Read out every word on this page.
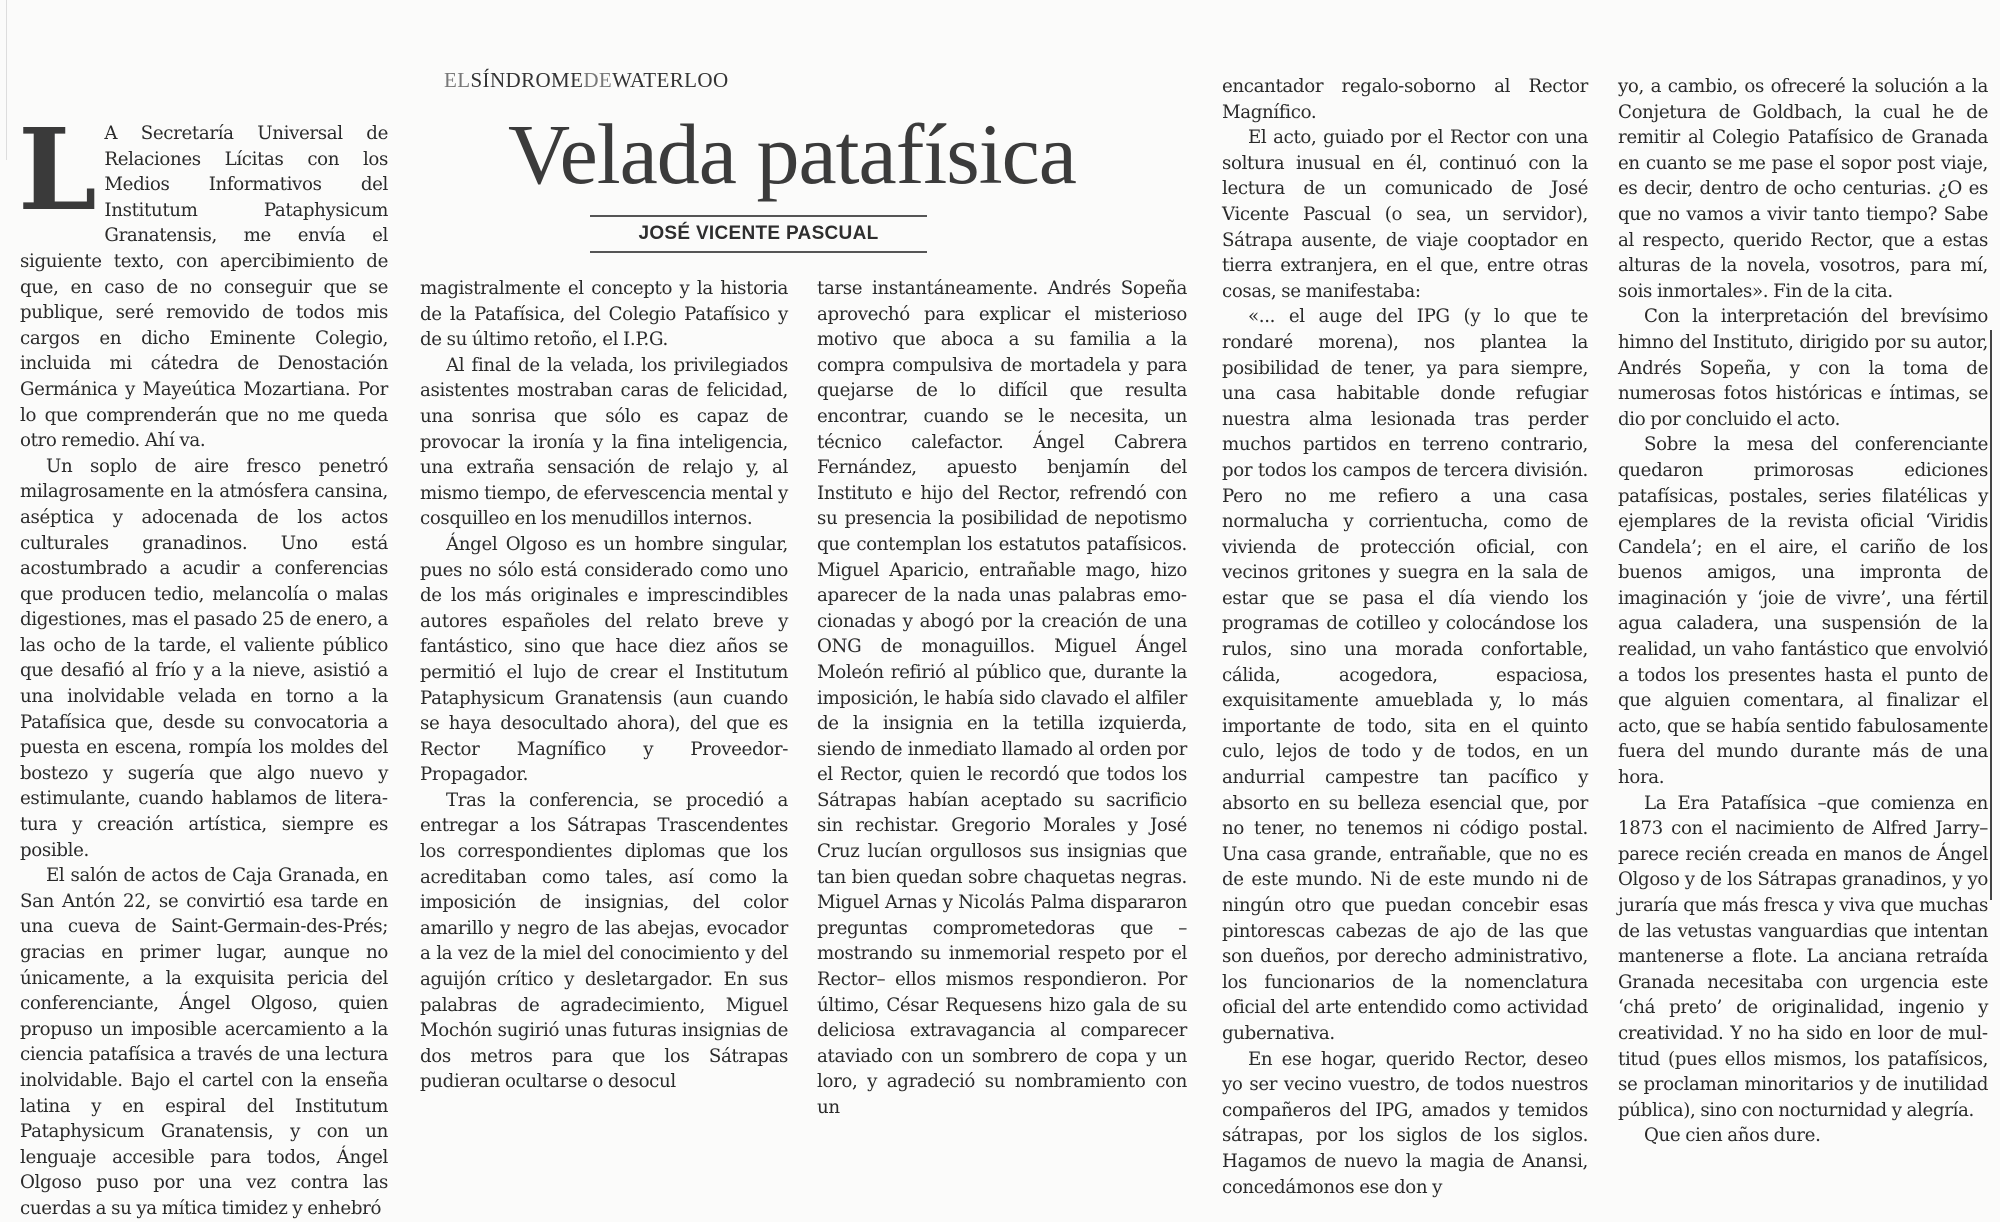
ELSÍNDROMEDEWATERLOO
Velada patafísica
JOSÉ VICENTE PASCUAL
L A Secretaría Universal de Relaciones Lícitas con los Medios Informativos del Institutum Pataphysicum Granatensis, me envía el siguiente texto, con apercibimiento de que, en caso de no conseguir que se publique, seré removido de todos mis cargos en dicho Eminente Colegio, incluida mi cátedra de Denostación Germánica y Mayeútica Mozartiana. Por lo que comprenderán que no me queda otro remedio. Ahí va.

Un soplo de aire fresco penetró milagrosamente en la atmósfera cansina, aséptica y adocenada de los actos culturales granadinos. Uno está acostumbrado a acudir a conferencias que producen tedio, melancolía o malas digestiones, mas el pasado 25 de enero, a las ocho de la tarde, el valiente público que desafió al frío y a la nieve, asistió a una inolvidable velada en torno a la Patafísica que, desde su convocatoria a puesta en escena, rompía los moldes del bostezo y sugería que algo nuevo y estimulante, cuando hablamos de literatura y creación artística, siempre es posible.

El salón de actos de Caja Granada, en San Antón 22, se convirtió esa tarde en una cueva de Saint-Germain-des-Prés; gracias en primer lugar, aunque no únicamente, a la exquisita pericia del conferenciante, Ángel Olgoso, quien propuso un imposible acercamiento a la ciencia patafísica a través de una lectura inolvidable. Bajo el cartel con la enseña latina y en espiral del Institutum Pataphysicum Granatensis, y con un lenguaje accesible para todos, Ángel Olgoso puso por una vez contra las cuerdas a su ya mítica timidez y enhebró

magistralmente el concepto y la historia de la Patafísica, del Colegio Patafísico y de su último retoño, el I.P.G.

Al final de la velada, los privilegiados asistentes mostraban caras de felicidad, una sonrisa que sólo es capaz de provocar la ironía y la fina inteligencia, una extraña sensación de relajo y, al mismo tiempo, de efervescencia mental y cosquilleo en los menudillos internos.

Ángel Olgoso es un hombre singular, pues no sólo está considerado como uno de los más originales e imprescindibles autores españoles del relato breve y fantástico, sino que hace diez años se permitió el lujo de crear el Institutum Pataphysicum Granatensis (aun cuando se haya desocultado ahora), del que es Rector Magnífico y Proveedor-Propagador.

Tras la conferencia, se procedió a entregar a los Sátrapas Trascendentes los correspondientes diplomas que los acreditaban como tales, así como la imposición de insignias, del color amarillo y negro de las abejas, evocador a la vez de la miel del conocimiento y del aguijón crítico y desletargador. En sus palabras de agradecimiento, Miguel Mochón sugirió unas futuras insignias de dos metros para que los Sátrapas pudieran ocultarse o desocul

tarse instantáneamente. Andrés Sopeña aprovechó para explicar el misterioso motivo que aboca a su familia a la compra compulsiva de mortadela y para quejarse de lo difícil que resulta encontrar, cuando se le necesita, un técnico calefactor. Ángel Cabrera Fernández, apuesto benjamín del Instituto e hijo del Rector, refrendó con su presencia la posibilidad de nepotismo que contemplan los estatutos patafísicos. Miguel Aparicio, entrañable mago, hizo aparecer de la nada unas palabras emocionadas y abogó por la creación de una ONG de monaguillos. Miguel Ángel Moleón refirió al público que, durante la imposición, le había sido clavado el alfiler de la insignia en la tetilla izquierda, siendo de inmediato llamado al orden por el Rector, quien le recordó que todos los Sátrapas habían aceptado su sacrificio sin rechistar. Gregorio Morales y José Cruz lucían orgullosos sus insignias que tan bien quedan sobre chaquetas negras. Miguel Arnas y Nicolás Palma dispararon preguntas comprometedoras que –mostrando su inmemorial respeto por el Rector– ellos mismos respondieron. Por último, César Requesens hizo gala de su deliciosa extravagancia al comparecer ataviado con un sombrero de copa y un loro, y agradeció su nombramiento con un

encantador regalo-soborno al Rector Magnífico.

El acto, guiado por el Rector con una soltura inusual en él, continuó con la lectura de un comunicado de José Vicente Pascual (o sea, un servidor), Sátrapa ausente, de viaje cooptador en tierra extranjera, en el que, entre otras cosas, se manifestaba:

«... el auge del IPG (y lo que te rondaré morena), nos plantea la posibilidad de tener, ya para siempre, una casa habitable donde refugiar nuestra alma lesionada tras perder muchos partidos en terreno contrario, por todos los campos de tercera división. Pero no me refiero a una casa normalucha y corrientucha, como de vivienda de protección oficial, con vecinos gritones y suegra en la sala de estar que se pasa el día viendo los programas de cotilleo y colocándose los rulos, sino una morada confortable, cálida, acogedora, espaciosa, exquisitamente amueblada y, lo más importante de todo, sita en el quinto culo, lejos de todo y de todos, en un andurrial campestre tan pacífico y absorto en su belleza esencial que, por no tener, no tenemos ni código postal. Una casa grande, entrañable, que no es de este mundo. Ni de este mundo ni de ningún otro que puedan concebir esas pintorescas cabezas de ajo de las que son dueños, por derecho administrativo, los funcionarios de la nomenclatura oficial del arte entendido como actividad gubernativa.

En ese hogar, querido Rector, deseo yo ser vecino vuestro, de todos nuestros compañeros del IPG, amados y temidos sátrapas, por los siglos de los siglos. Hagamos de nuevo la magia de Anansi, concedámonos ese don y

yo, a cambio, os ofreceré la solución a la Conjetura de Goldbach, la cual he de remitir al Colegio Patafísico de Granada en cuanto se me pase el sopor post viaje, es decir, dentro de ocho centurias. ¿O es que no vamos a vivir tanto tiempo? Sabe al respecto, querido Rector, que a estas alturas de la novela, vosotros, para mí, sois inmortales». Fin de la cita.

Con la interpretación del brevísimo himno del Instituto, dirigido por su autor, Andrés Sopeña, y con la toma de numerosas fotos históricas e íntimas, se dio por concluido el acto.

Sobre la mesa del conferenciante quedaron primorosas ediciones patafísicas, postales, series filatélicas y ejemplares de la revista oficial ‘Viridis Candela’; en el aire, el cariño de los buenos amigos, una impronta de imaginación y ‘joie de vivre’, una fértil agua caladera, una suspensión de la realidad, un vaho fantástico que envolvió a todos los presentes hasta el punto de que alguien comentara, al finalizar el acto, que se había sentido fabulosamente fuera del mundo durante más de una hora.

La Era Patafísica –que comienza en 1873 con el nacimiento de Alfred Jarry– parece recién creada en manos de Ángel Olgoso y de los Sátrapas granadinos, y yo juraría que más fresca y viva que muchas de las vetustas vanguardias que intentan mantenerse a flote. La anciana retraída Granada necesitaba con urgencia este ‘chá preto’ de originalidad, ingenio y creatividad. Y no ha sido en loor de multitud (pues ellos mismos, los patafísicos, se proclaman minoritarios y de inutilidad pública), sino con nocturnidad y alegría.

Que cien años dure.
